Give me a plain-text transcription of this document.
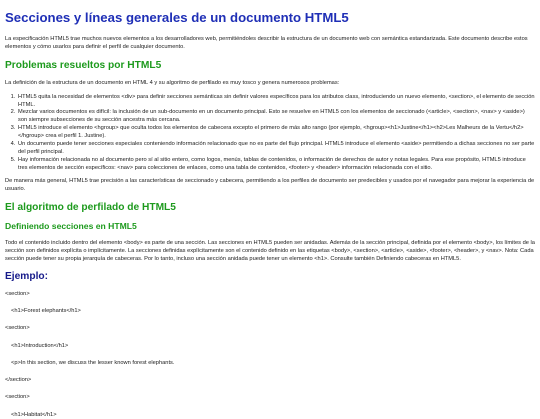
Secciones y líneas generales de un documento HTML5

La especificación HTML5 trae muchos nuevos elementos a los desarrolladores web, permitiéndoles describir la estructura de un documento web con semántica estandarizada. Este documento describe estos elementos y cómo usarlos para definir el perfil de cualquier documento.

Problemas resueltos por HTML5

La definición de la estructura de un documento en HTML 4 y su algoritmo de perfilado es muy tosco y genera numerosos problemas:

1. HTML5 quita la necesidad de elementos <div> para definir secciones semánticas sin definir valores específicos para los atributos class, introduciendo un nuevo elemento, <section>, el elemento de sección HTML.
2. Mezclar varios documentos es difícil: la inclusión de un sub-documento en un documento principal. Esto se resuelve en HTML5 con los elementos de seccionado (<article>, <section>, <nav> y <aside>) son siempre subsecciones de su sección ancestra más cercana.
3. HTML5 introduce el elemento <hgroup> que oculta todos los elementos de cabecera excepto el primero de más alto rango (por ejemplo, <hgroup><h1>Justine</h1><h2>Les Malheurs de la Vertu</h2></hgroup> crea el perfil 1. Justine).
4. Un documento puede tener secciones especiales conteniendo información relacionado que no es parte del flujo principal. HTML5 introduce el elemento <aside> permitiendo a dichas secciones no ser parte del perfil principal.
5. Hay información relacionada no al documento pero sí al sitio entero, como logos, menús, tablas de contenidos, o información de derechos de autor y notas legales. Para ese propósito, HTML5 introduce tres elementos de sección específicos: <nav> para colecciones de enlaces, como una tabla de contenidos, <footer> y <header> información relacionada con el sitio.

De manera más general, HTML5 trae precisión a las características de seccionado y cabecera, permitiendo a los perfiles de documento ser predecibles y usados por el navegador para mejorar la experiencia de usuario.

El algoritmo de perfilado de HTML5
Definiendo secciones en HTML5

Todo el contenido incluido dentro del elemento <body> es parte de una sección. Las secciones en HTML5 pueden ser anidadas. Además de la sección principal, definida por el elemento <body>, los límites de la sección son definidos explícita o implícitamente. La secciones definidas explícitamente son el contenido definido en las etiquetas <body>, <section>, <article>, <aside>, <footer>, <header>, y <nav>. Nota: Cada sección puede tener su propia jerarquía de cabeceras. Por lo tanto, incluso una sección anidada puede tener un elemento <h1>. Consulte también Definiendo cabeceras en HTML5.

Ejemplo:
<section>
<h1>Forest elephants</h1>
<section>
<h1>Introduction</h1>
<p>In this section, we discuss the lesser known forest elephants.
</section>
<section>
<h1>Habitat</h1>
